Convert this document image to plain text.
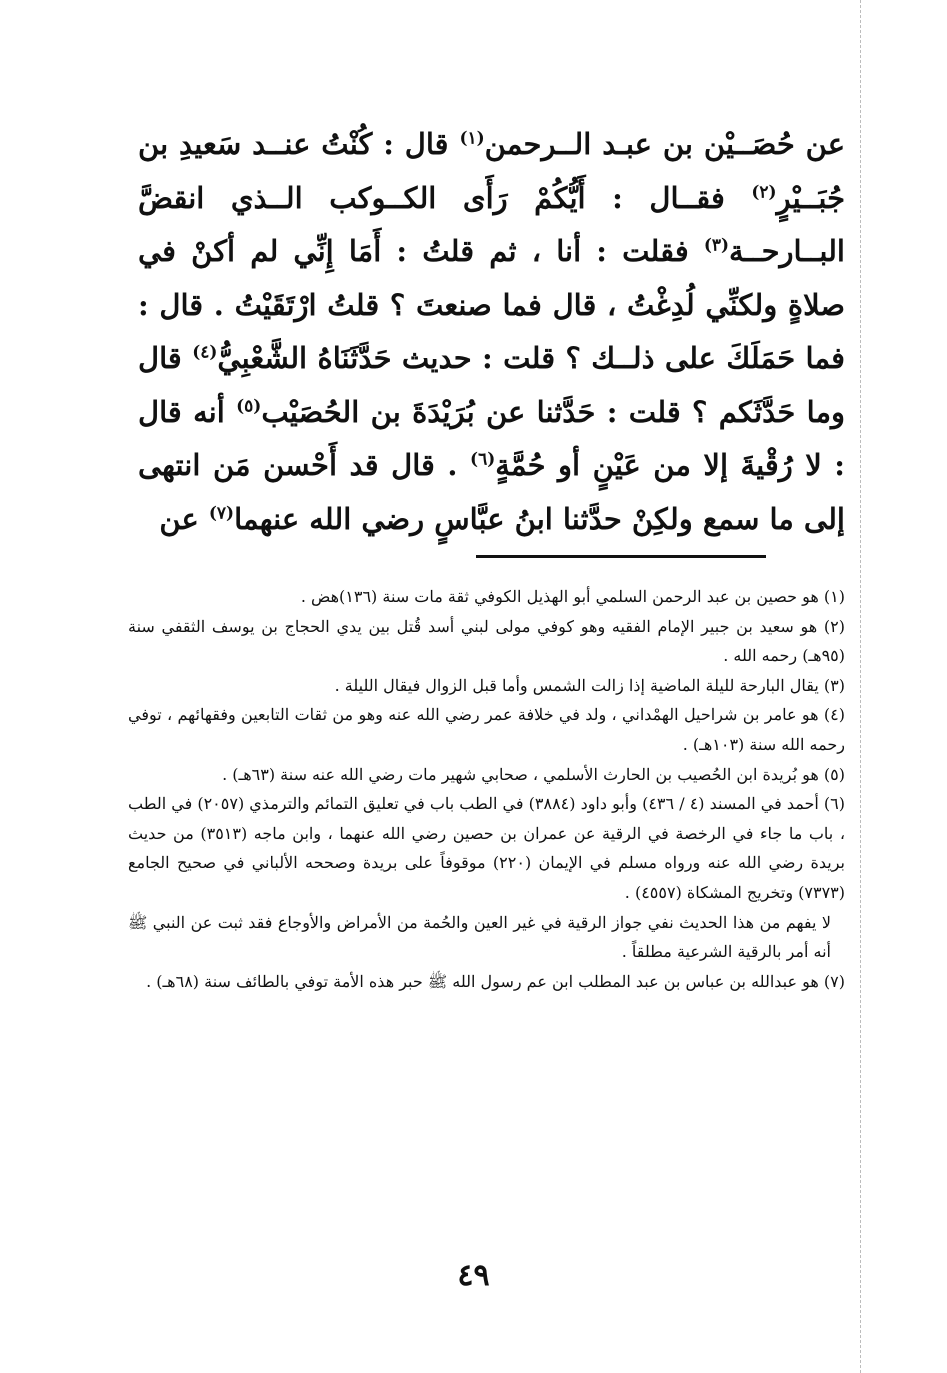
عن حُصَــيْن بن عبـد الــرحمن$^{(١)}$ قال : كُنْتُ عنــد سَعيدِ بن جُبَــيْرٍ$^{(٢)}$ فقــال : أَيُّكُمْ رَأَى الكــوكب الــذي انقضَّ البــارحــة$^{(٣)}$ فقلت : أنا ، ثم قلتُ : أَمَا إِنِّي لم أكنْ في صلاةٍ ولكنِّي لُدِغْتُ ، قال فما صنعتَ ؟ قلتُ ارْتَقَيْتُ . قال : فما حَمَلَكَ على ذلــك ؟ قلت : حديث حَدَّثَنَاهُ الشَّعْبِيُّ$^{(٤)}$ قال وما حَدَّثَكم ؟ قلت : حَدَّثنا عن بُرَيْدَةَ بن الحُصَيْب$^{(٥)}$ أنه قال : لا رُقْيةَ إلا من عَيْنٍ أو حُمَّةٍ$^{(٦)}$ . قال قد أَحْسن مَن انتهى إلى ما سمع ولكِنْ حدَّثنا ابنُ عبَّاسٍ رضي الله عنهما$^{(٧)}$ عن

(١) هو حصين بن عبد الرحمن السلمي أبو الهذيل الكوفي ثقة مات سنة (١٣٦)هض .

(٢) هو سعيد بن جبير الإمام الفقيه وهو كوفي مولى لبني أسد قُتل بين يدي الحجاج بن يوسف الثقفي سنة (٩٥هـ) رحمه الله .

(٣) يقال البارحة لليلة الماضية إذا زالت الشمس وأما قبل الزوال فيقال الليلة .

(٤) هو عامر بن شراحيل الهمْداني ، ولد في خلافة عمر رضي الله عنه وهو من ثقات التابعين وفقهائهم ، توفي رحمه الله سنة (١٠٣هـ) .

(٥) هو بُريدة ابن الحُصيب بن الحارث الأسلمي ، صحابي شهير مات رضي الله عنه سنة (٦٣هـ) .

(٦) أحمد في المسند (٤ / ٤٣٦) وأبو داود (٣٨٨٤) في الطب باب في تعليق التمائم والترمذي (٢٠٥٧) في الطب ، باب ما جاء في الرخصة في الرقية عن عمران بن حصين رضي الله عنهما ، وابن ماجه (٣٥١٣) من حديث بريدة رضي الله عنه ورواه مسلم في الإيمان (٢٢٠) موقوفاً على بريدة وصححه الألباني في صحيح الجامع (٧٣٧٣) وتخريج المشكاة (٤٥٥٧) .

لا يفهم من هذا الحديث نفي جواز الرقية في غير العين والحُمة من الأمراض والأوجاع فقد ثبت عن النبي ﷺ أنه أمر بالرقية الشرعية مطلقاً .

(٧) هو عبدالله بن عباس بن عبد المطلب ابن عم رسول الله ﷺ حبر هذه الأمة توفي بالطائف سنة (٦٨هـ) .

٤٩
